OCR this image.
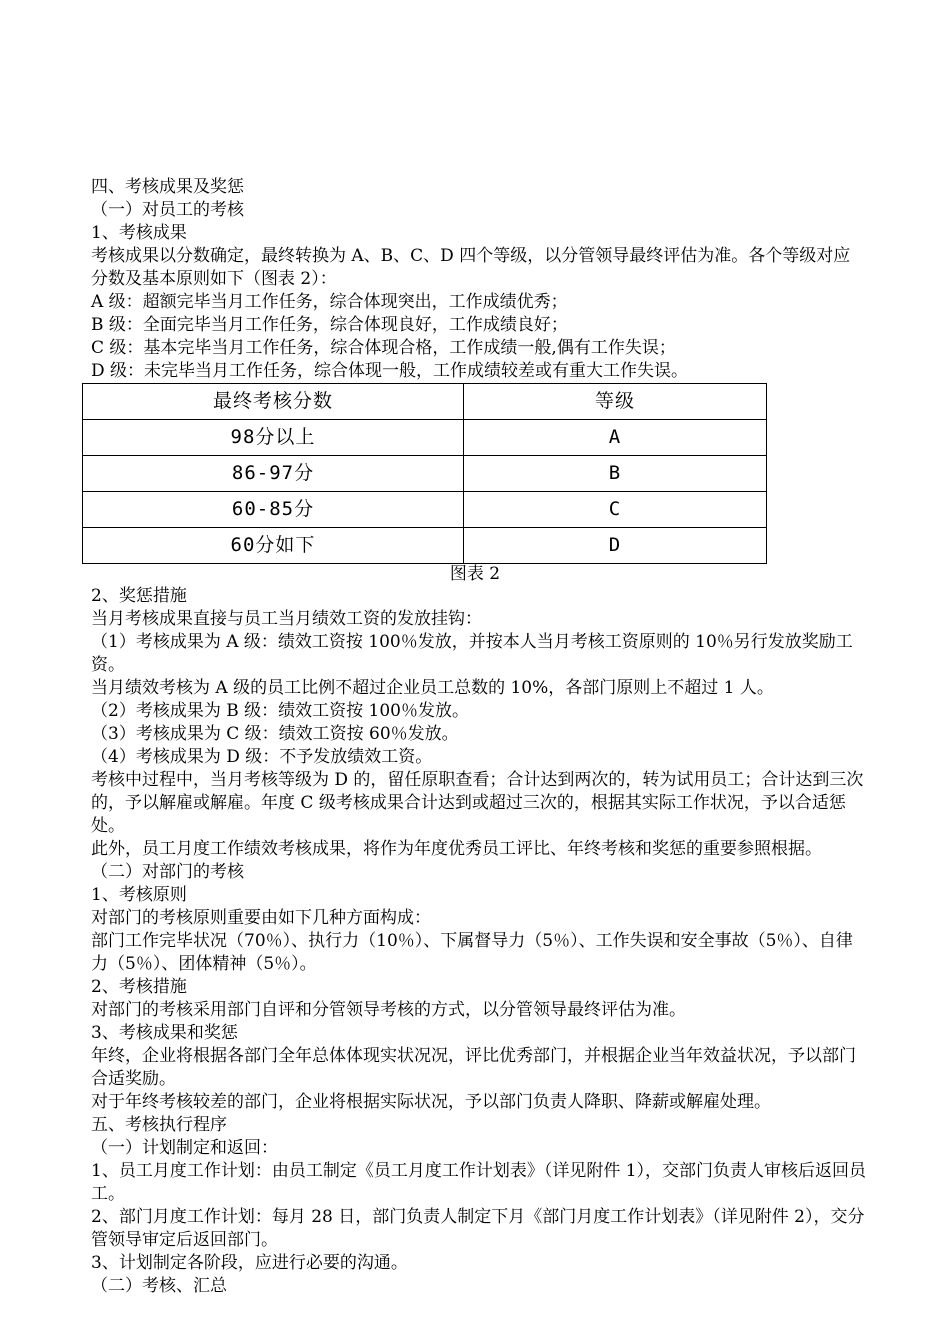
四、考核成果及奖惩

（一）对员工的考核

1、考核成果

考核成果以分数确定，最终转换为 A、B、C、D 四个等级，以分管领导最终评估为准。各个等级对应分数及基本原则如下（图表 2）：

A 级：超额完毕当月工作任务，综合体现突出，工作成绩优秀；

B 级：全面完毕当月工作任务，综合体现良好，工作成绩良好；

C 级：基本完毕当月工作任务，综合体现合格，工作成绩一般,偶有工作失误；

D 级：未完毕当月工作任务，综合体现一般，工作成绩较差或有重大工作失误。

最终考核分数	等级
98分以上	A
86-97分	B
60-85分	C
60分如下	D
图表 2

2、奖惩措施

当月考核成果直接与员工当月绩效工资的发放挂钩：

（1）考核成果为 A 级：绩效工资按 100％发放，并按本人当月考核工资原则的 10％另行发放奖励工资。

当月绩效考核为 A 级的员工比例不超过企业员工总数的 10%，各部门原则上不超过 1 人。

（2）考核成果为 B 级：绩效工资按 100％发放。

（3）考核成果为 C 级：绩效工资按 60％发放。

（4）考核成果为 D 级：不予发放绩效工资。

考核中过程中，当月考核等级为 D 的，留任原职查看；合计达到两次的，转为试用员工；合计达到三次的，予以解雇或解雇。年度 C 级考核成果合计达到或超过三次的，根据其实际工作状况，予以合适惩处。

此外，员工月度工作绩效考核成果，将作为年度优秀员工评比、年终考核和奖惩的重要参照根据。

（二）对部门的考核

1、考核原则

对部门的考核原则重要由如下几种方面构成：

部门工作完毕状况（70％）、执行力（10％）、下属督导力（5％）、工作失误和安全事故（5％）、自律力（5％）、团体精神（5％）。

2、考核措施

对部门的考核采用部门自评和分管领导考核的方式，以分管领导最终评估为准。

3、考核成果和奖惩

年终，企业将根据各部门全年总体体现实状况况，评比优秀部门，并根据企业当年效益状况，予以部门合适奖励。

对于年终考核较差的部门，企业将根据实际状况，予以部门负责人降职、降薪或解雇处理。

五、考核执行程序

（一）计划制定和返回：

1、员工月度工作计划：由员工制定《员工月度工作计划表》（详见附件 1），交部门负责人审核后返回员工。

2、部门月度工作计划：每月 28 日，部门负责人制定下月《部门月度工作计划表》（详见附件 2），交分管领导审定后返回部门。

3、计划制定各阶段，应进行必要的沟通。

（二）考核、汇总
